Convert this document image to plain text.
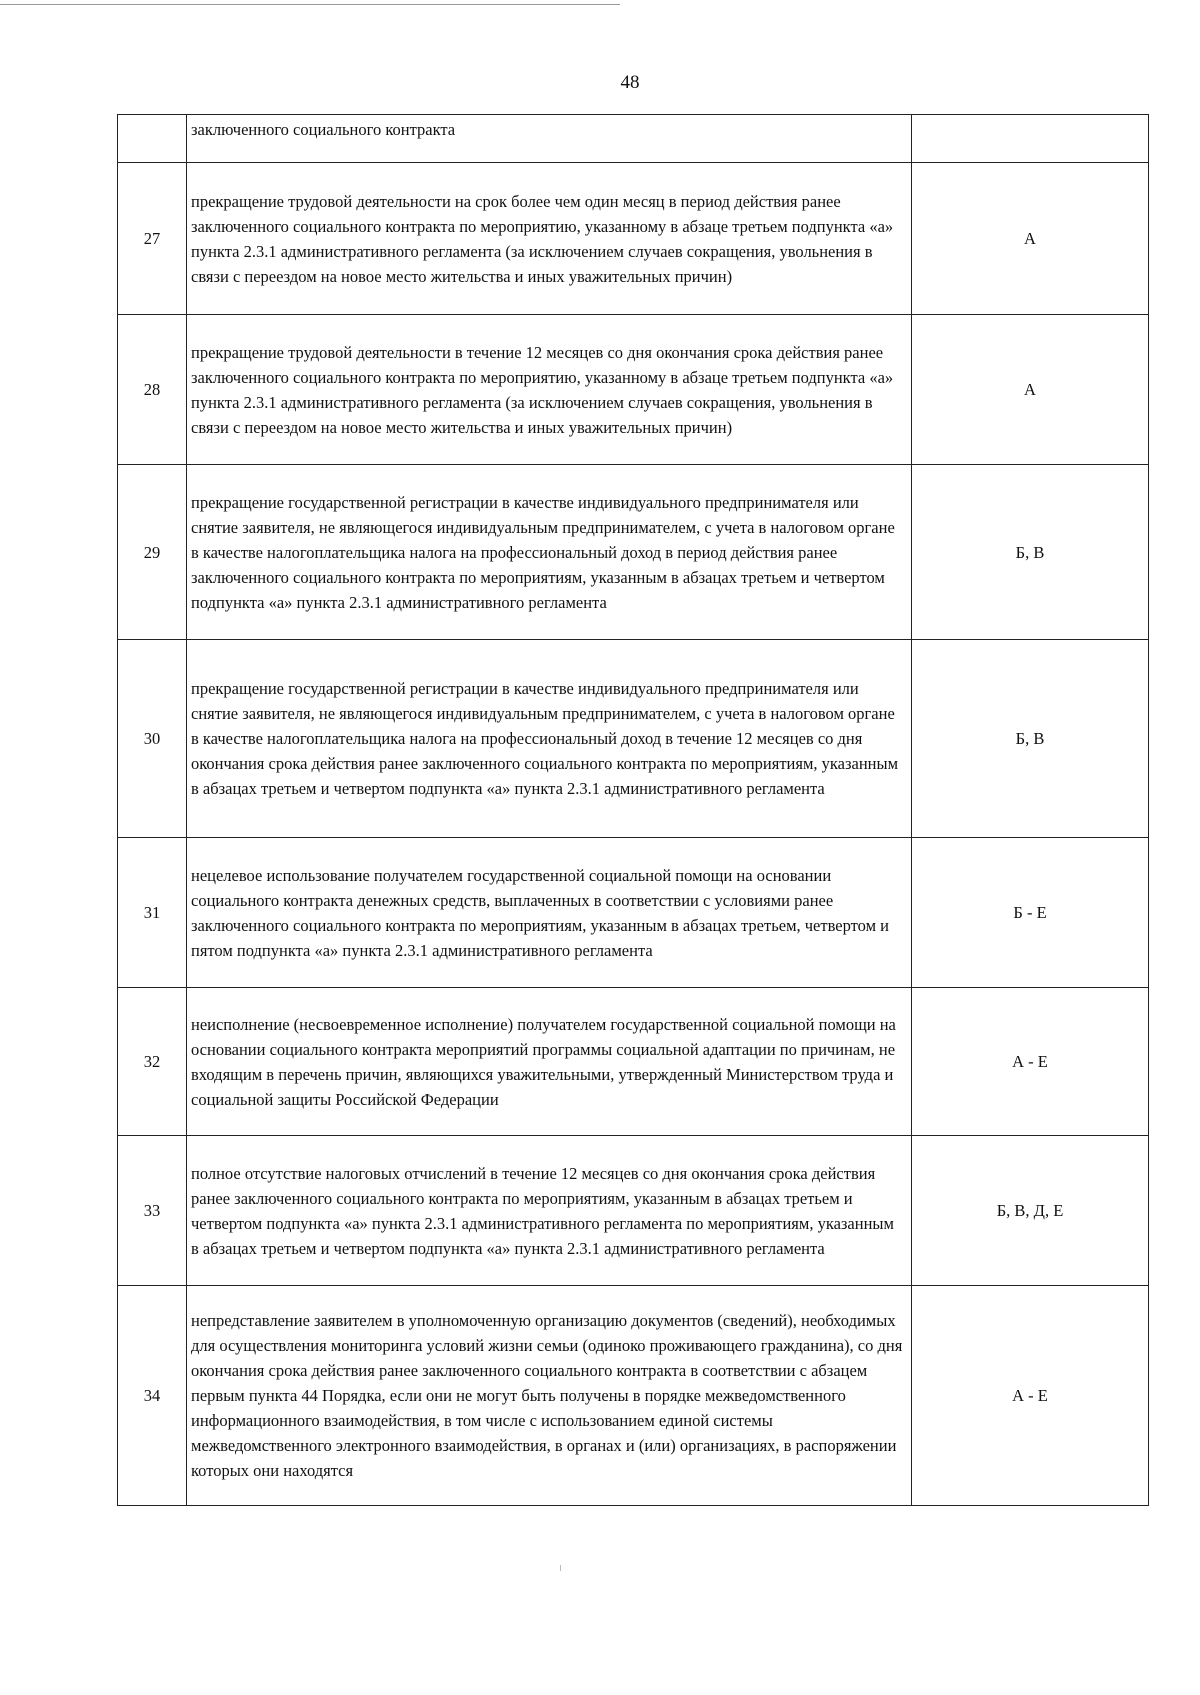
48
	заключенного социального контракта	
27	прекращение трудовой деятельности на срок более чем один месяц в период действия ранее заключенного социального контракта по мероприятию, указанному в абзаце третьем подпункта «а» пункта 2.3.1 административного регламента (за исключением случаев сокращения, увольнения в связи с переездом на новое место жительства и иных уважительных причин)	А
28	прекращение трудовой деятельности в течение 12 месяцев со дня окончания срока действия ранее заключенного социального контракта по мероприятию, указанному в абзаце третьем подпункта «а» пункта 2.3.1 административного регламента (за исключением случаев сокращения, увольнения в связи с переездом на новое место жительства и иных уважительных причин)	А
29	прекращение государственной регистрации в качестве индивидуального предпринимателя или снятие заявителя, не являющегося индивидуальным предпринимателем, с учета в налоговом органе в качестве налогоплательщика налога на профессиональный доход в период действия ранее заключенного социального контракта по мероприятиям, указанным в абзацах третьем и четвертом подпункта «а» пункта 2.3.1 административного регламента	Б, В
30	прекращение государственной регистрации в качестве индивидуального предпринимателя или снятие заявителя, не являющегося индивидуальным предпринимателем, с учета в налоговом органе в качестве налогоплательщика налога на профессиональный доход в течение 12 месяцев со дня окончания срока действия ранее заключенного социального контракта по мероприятиям, указанным в абзацах третьем и четвертом подпункта «а» пункта 2.3.1 административного регламента	Б, В
31	нецелевое использование получателем государственной социальной помощи на основании социального контракта денежных средств, выплаченных в соответствии с условиями ранее заключенного социального контракта по мероприятиям, указанным в абзацах третьем, четвертом и пятом подпункта «а» пункта 2.3.1 административного регламента	Б - Е
32	неисполнение (несвоевременное исполнение) получателем государственной социальной помощи на основании социального контракта мероприятий программы социальной адаптации по причинам, не входящим в перечень причин, являющихся уважительными, утвержденный Министерством труда и социальной защиты Российской Федерации	А - Е
33	полное отсутствие налоговых отчислений в течение 12 месяцев со дня окончания срока действия ранее заключенного социального контракта по мероприятиям, указанным в абзацах третьем и четвертом подпункта «а» пункта 2.3.1 административного регламента по мероприятиям, указанным в абзацах третьем и четвертом подпункта «а» пункта 2.3.1 административного регламента	Б, В, Д, Е
34	непредставление заявителем в уполномоченную организацию документов (сведений), необходимых для осуществления мониторинга условий жизни семьи (одиноко проживающего гражданина), со дня окончания срока действия ранее заключенного социального контракта в соответствии с абзацем первым пункта 44 Порядка, если они не могут быть получены в порядке межведомственного информационного взаимодействия, в том числе с использованием единой системы межведомственного электронного взаимодействия, в органах и (или) организациях, в распоряжении которых они находятся	А - Е
